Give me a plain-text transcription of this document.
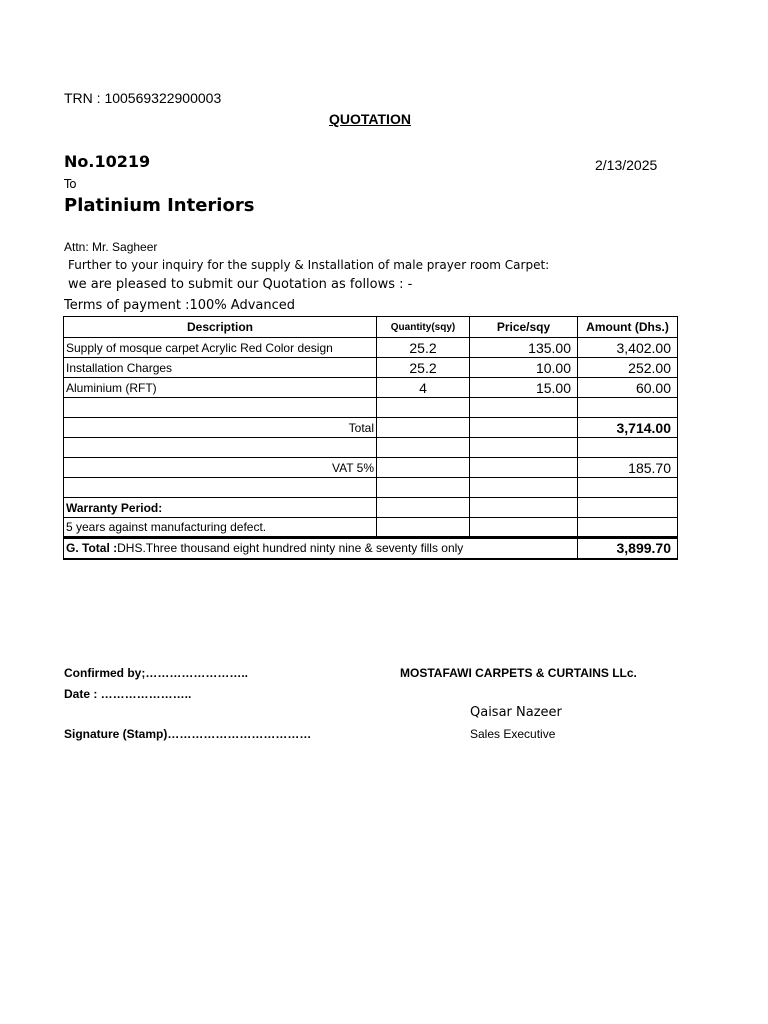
TRN : 100569322900003
QUOTATION
No.10219	2/13/2025
To
Platinium Interiors
Attn: Mr. Sagheer
Further to your inquiry for the supply & Installation of male prayer room Carpet:
we are pleased to submit our Quotation as follows : -
Terms of payment :100% Advanced
Description	Quantity(sqy)	Price/sqy	Amount (Dhs.)
Supply of mosque carpet Acrylic Red Color design	25.2	135.00	3,402.00
Installation Charges	25.2	10.00	252.00
Aluminium (RFT)	4	15.00	60.00

Total			3,714.00

VAT 5%			185.70

Warranty Period:			
5 years against manufacturing defect.			
G. Total :DHS.Three thousand eight hundred ninty nine & seventy fills only			3,899.70
Confirmed by;……………………..
Date : …………………..
Signature (Stamp)………………………………
MOSTAFAWI CARPETS & CURTAINS LLc.
Qaisar Nazeer
Sales Executive
